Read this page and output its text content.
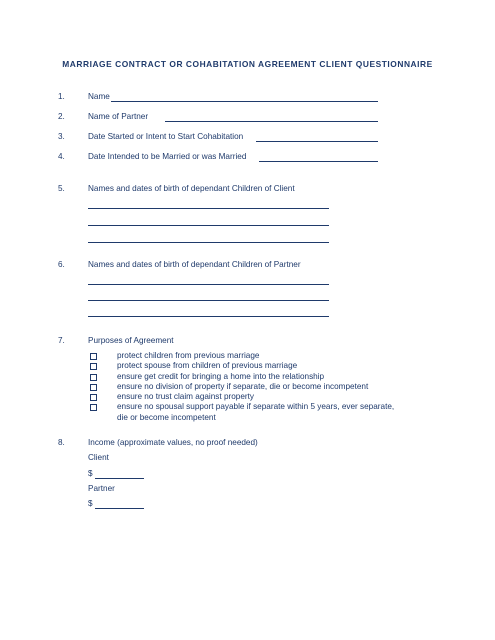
MARRIAGE CONTRACT OR COHABITATION AGREEMENT CLIENT QUESTIONNAIRE
1.	Name
2.	Name of Partner
3.	Date Started or Intent to Start Cohabitation
4.	Date Intended to be Married or was Married
5.	Names and dates of birth of dependant Children of Client
6.	Names and dates of birth of dependant Children of Partner
7.	Purposes of Agreement
protect children from previous marriage
protect spouse from children of previous marriage
ensure get credit for bringing a home into the relationship
ensure no division of property if separate, die or become incompetent
ensure no trust claim against property
ensure no spousal support payable if separate within 5 years, ever separate,
die or become incompetent
8.	Income (approximate values, no proof needed)
Client
$
Partner
$
